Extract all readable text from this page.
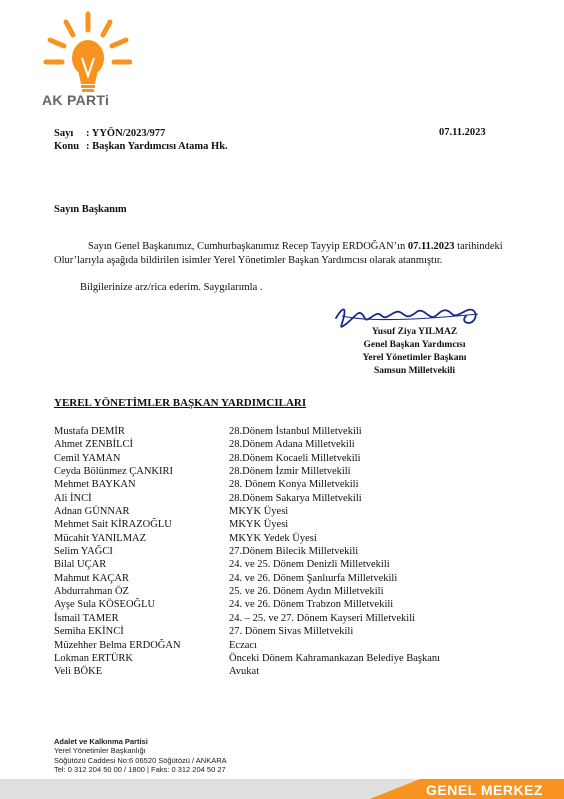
AK PARTi
Sayı : YYÖN/2023/977
Konu : Başkan Yardımcısı Atama Hk.
07.11.2023
Sayın Başkanım
Sayın Genel Başkanımız, Cumhurbaşkanımız Recep Tayyip ERDOĞAN’ın 07.11.2023 tarihindeki Olur’larıyla aşağıda bildirilen isimler Yerel Yönetimler Başkan Yardımcısı olarak atanmıştır.
Bilgilerinize arz/rica ederim. Saygılarımla .
Yusuf Ziya YILMAZ
Genel Başkan Yardımcısı
Yerel Yönetimler Başkanı
Samsun Milletvekili
YEREL YÖNETİMLER BAŞKAN YARDIMCILARI
Mustafa DEMİR	28.Dönem İstanbul Milletvekili
Ahmet ZENBİLCİ	28.Dönem Adana Milletvekili
Cemil YAMAN	28.Dönem Kocaeli Milletvekili
Ceyda Bölünmez ÇANKIRI	28.Dönem İzmir Milletvekili
Mehmet BAYKAN	28. Dönem Konya Milletvekili
Ali İNCİ	28.Dönem Sakarya Milletvekili
Adnan GÜNNAR	MKYK Üyesi
Mehmet Sait KİRAZOĞLU	MKYK Üyesi
Mücahit YANILMAZ	MKYK Yedek Üyesi
Selim YAĞCI	27.Dönem Bilecik Milletvekili
Bilal UÇAR	24. ve 25. Dönem Denizli Milletvekili
Mahmut KAÇAR	24. ve 26. Dönem Şanlıurfa Milletvekili
Abdurrahman ÖZ	25. ve 26. Dönem Aydın Milletvekili
Ayşe Sula KÖSEOĞLU	24. ve 26. Dönem Trabzon Milletvekili
İsmail TAMER	24. – 25. ve 27. Dönem Kayseri Milletvekili
Semiha EKİNCİ	27. Dönem Sivas Milletvekili
Müzehher Belma ERDOĞAN	Eczacı
Lokman ERTÜRK	Önceki Dönem Kahramankazan Belediye Başkanı
Veli BÖKE	Avukat
Adalet ve Kalkınma Partisi
Yerel Yönetimler Başkanlığı
Söğütözü Caddesi No:6 06520 Söğütözü / ANKARA
Tel: 0 312 204 50 00 / 1800 | Faks: 0 312 204 50 27
GENEL MERKEZ
